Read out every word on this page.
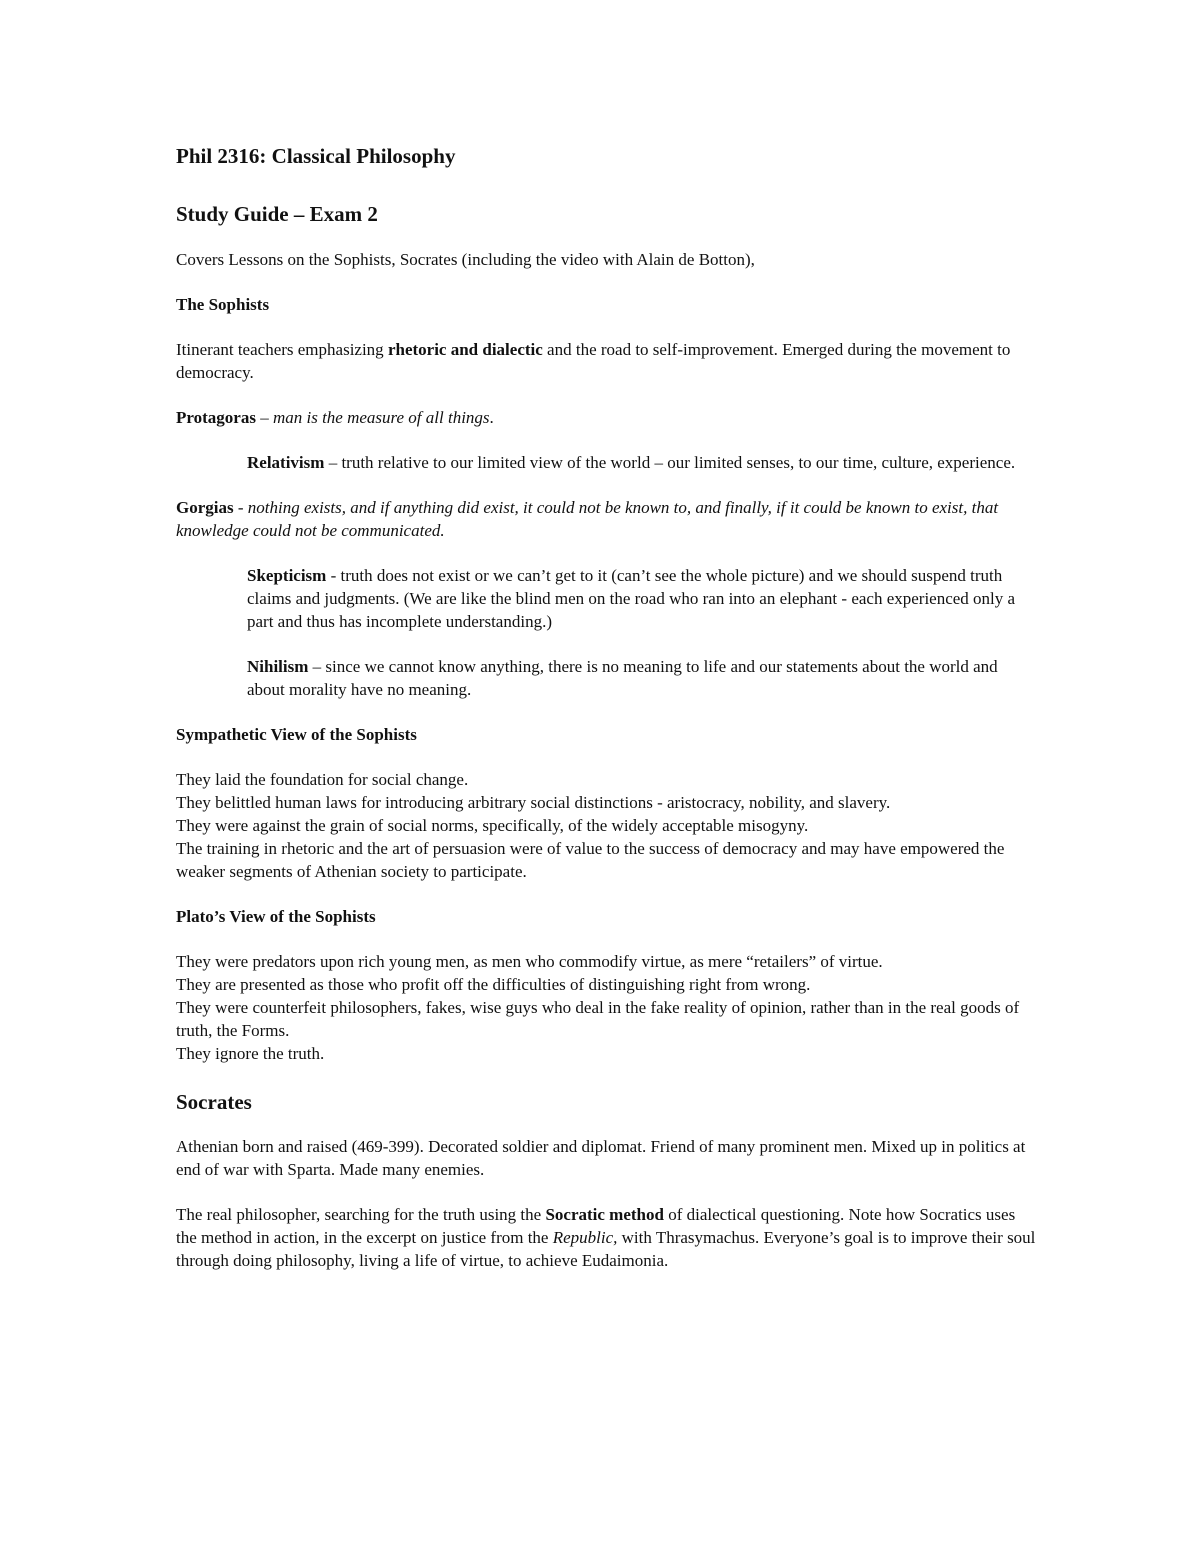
Phil 2316: Classical Philosophy
Study Guide – Exam 2

Covers Lessons on the Sophists, Socrates (including the video with Alain de Botton),

The Sophists

Itinerant teachers emphasizing rhetoric and dialectic and the road to self-improvement. Emerged during the movement to democracy.

Protagoras – man is the measure of all things.

Relativism – truth relative to our limited view of the world – our limited senses, to our time, culture, experience.

Gorgias - nothing exists, and if anything did exist, it could not be known to, and finally, if it could be known to exist, that knowledge could not be communicated.

Skepticism - truth does not exist or we can’t get to it (can’t see the whole picture) and we should suspend truth claims and judgments. (We are like the blind men on the road who ran into an elephant - each experienced only a part and thus has incomplete understanding.)

Nihilism – since we cannot know anything, there is no meaning to life and our statements about the world and about morality have no meaning.

Sympathetic View of the Sophists

They laid the foundation for social change.

They belittled human laws for introducing arbitrary social distinctions - aristocracy, nobility, and slavery.

They were against the grain of social norms, specifically, of the widely acceptable misogyny.

The training in rhetoric and the art of persuasion were of value to the success of democracy and may have empowered the weaker segments of Athenian society to participate.

Plato’s View of the Sophists

They were predators upon rich young men, as men who commodify virtue, as mere “retailers” of virtue.

They are presented as those who profit off the difficulties of distinguishing right from wrong.

They were counterfeit philosophers, fakes, wise guys who deal in the fake reality of opinion, rather than in the real goods of truth, the Forms.

They ignore the truth.

Socrates

Athenian born and raised (469-399). Decorated soldier and diplomat. Friend of many prominent men. Mixed up in politics at end of war with Sparta. Made many enemies.

The real philosopher, searching for the truth using the Socratic method of dialectical questioning. Note how Socratics uses the method in action, in the excerpt on justice from the Republic, with Thrasymachus. Everyone’s goal is to improve their soul through doing philosophy, living a life of virtue, to achieve Eudaimonia.
